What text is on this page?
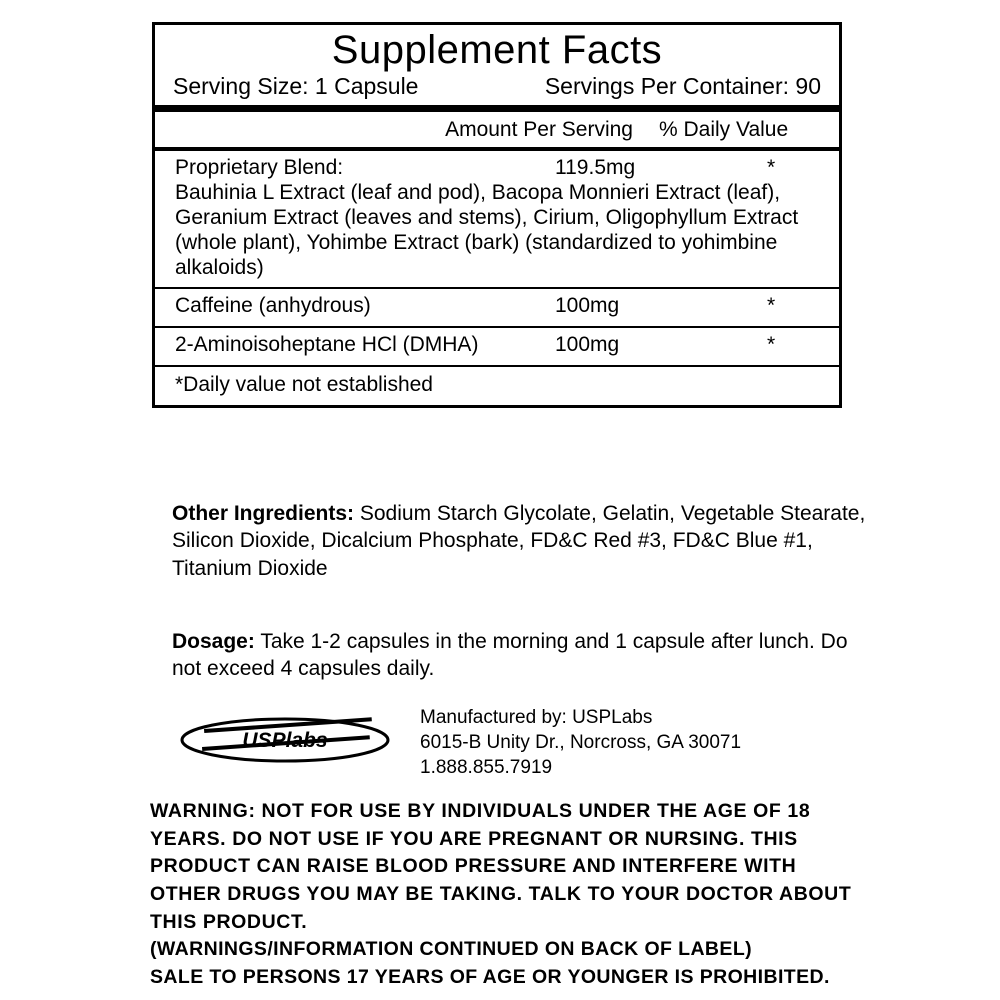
Supplement Facts
Serving Size: 1 Capsule	Servings Per Container: 90
Amount Per Serving	% Daily Value
Proprietary Blend:	119.5mg	*
Bauhinia L Extract (leaf and pod), Bacopa Monnieri Extract (leaf), Geranium Extract (leaves and stems), Cirium, Oligophyllum Extract (whole plant), Yohimbe Extract (bark) (standardized to yohimbine alkaloids)
Caffeine (anhydrous)	100mg	*
2-Aminoisoheptane HCl (DMHA)	100mg	*
*Daily value not established
Other Ingredients: Sodium Starch Glycolate, Gelatin, Vegetable Stearate, Silicon Dioxide, Dicalcium Phosphate, FD&C Red #3, FD&C Blue #1, Titanium Dioxide
Dosage: Take 1-2 capsules in the morning and 1 capsule after lunch. Do not exceed 4 capsules daily.
USPlabs
Manufactured by: USPLabs
6015-B Unity Dr., Norcross, GA 30071
1.888.855.7919
WARNING: NOT FOR USE BY INDIVIDUALS UNDER THE AGE OF 18 YEARS. DO NOT USE IF YOU ARE PREGNANT OR NURSING. THIS PRODUCT CAN RAISE BLOOD PRESSURE AND INTERFERE WITH OTHER DRUGS YOU MAY BE TAKING. TALK TO YOUR DOCTOR ABOUT THIS PRODUCT.
(WARNINGS/INFORMATION CONTINUED ON BACK OF LABEL)
SALE TO PERSONS 17 YEARS OF AGE OR YOUNGER IS PROHIBITED.
